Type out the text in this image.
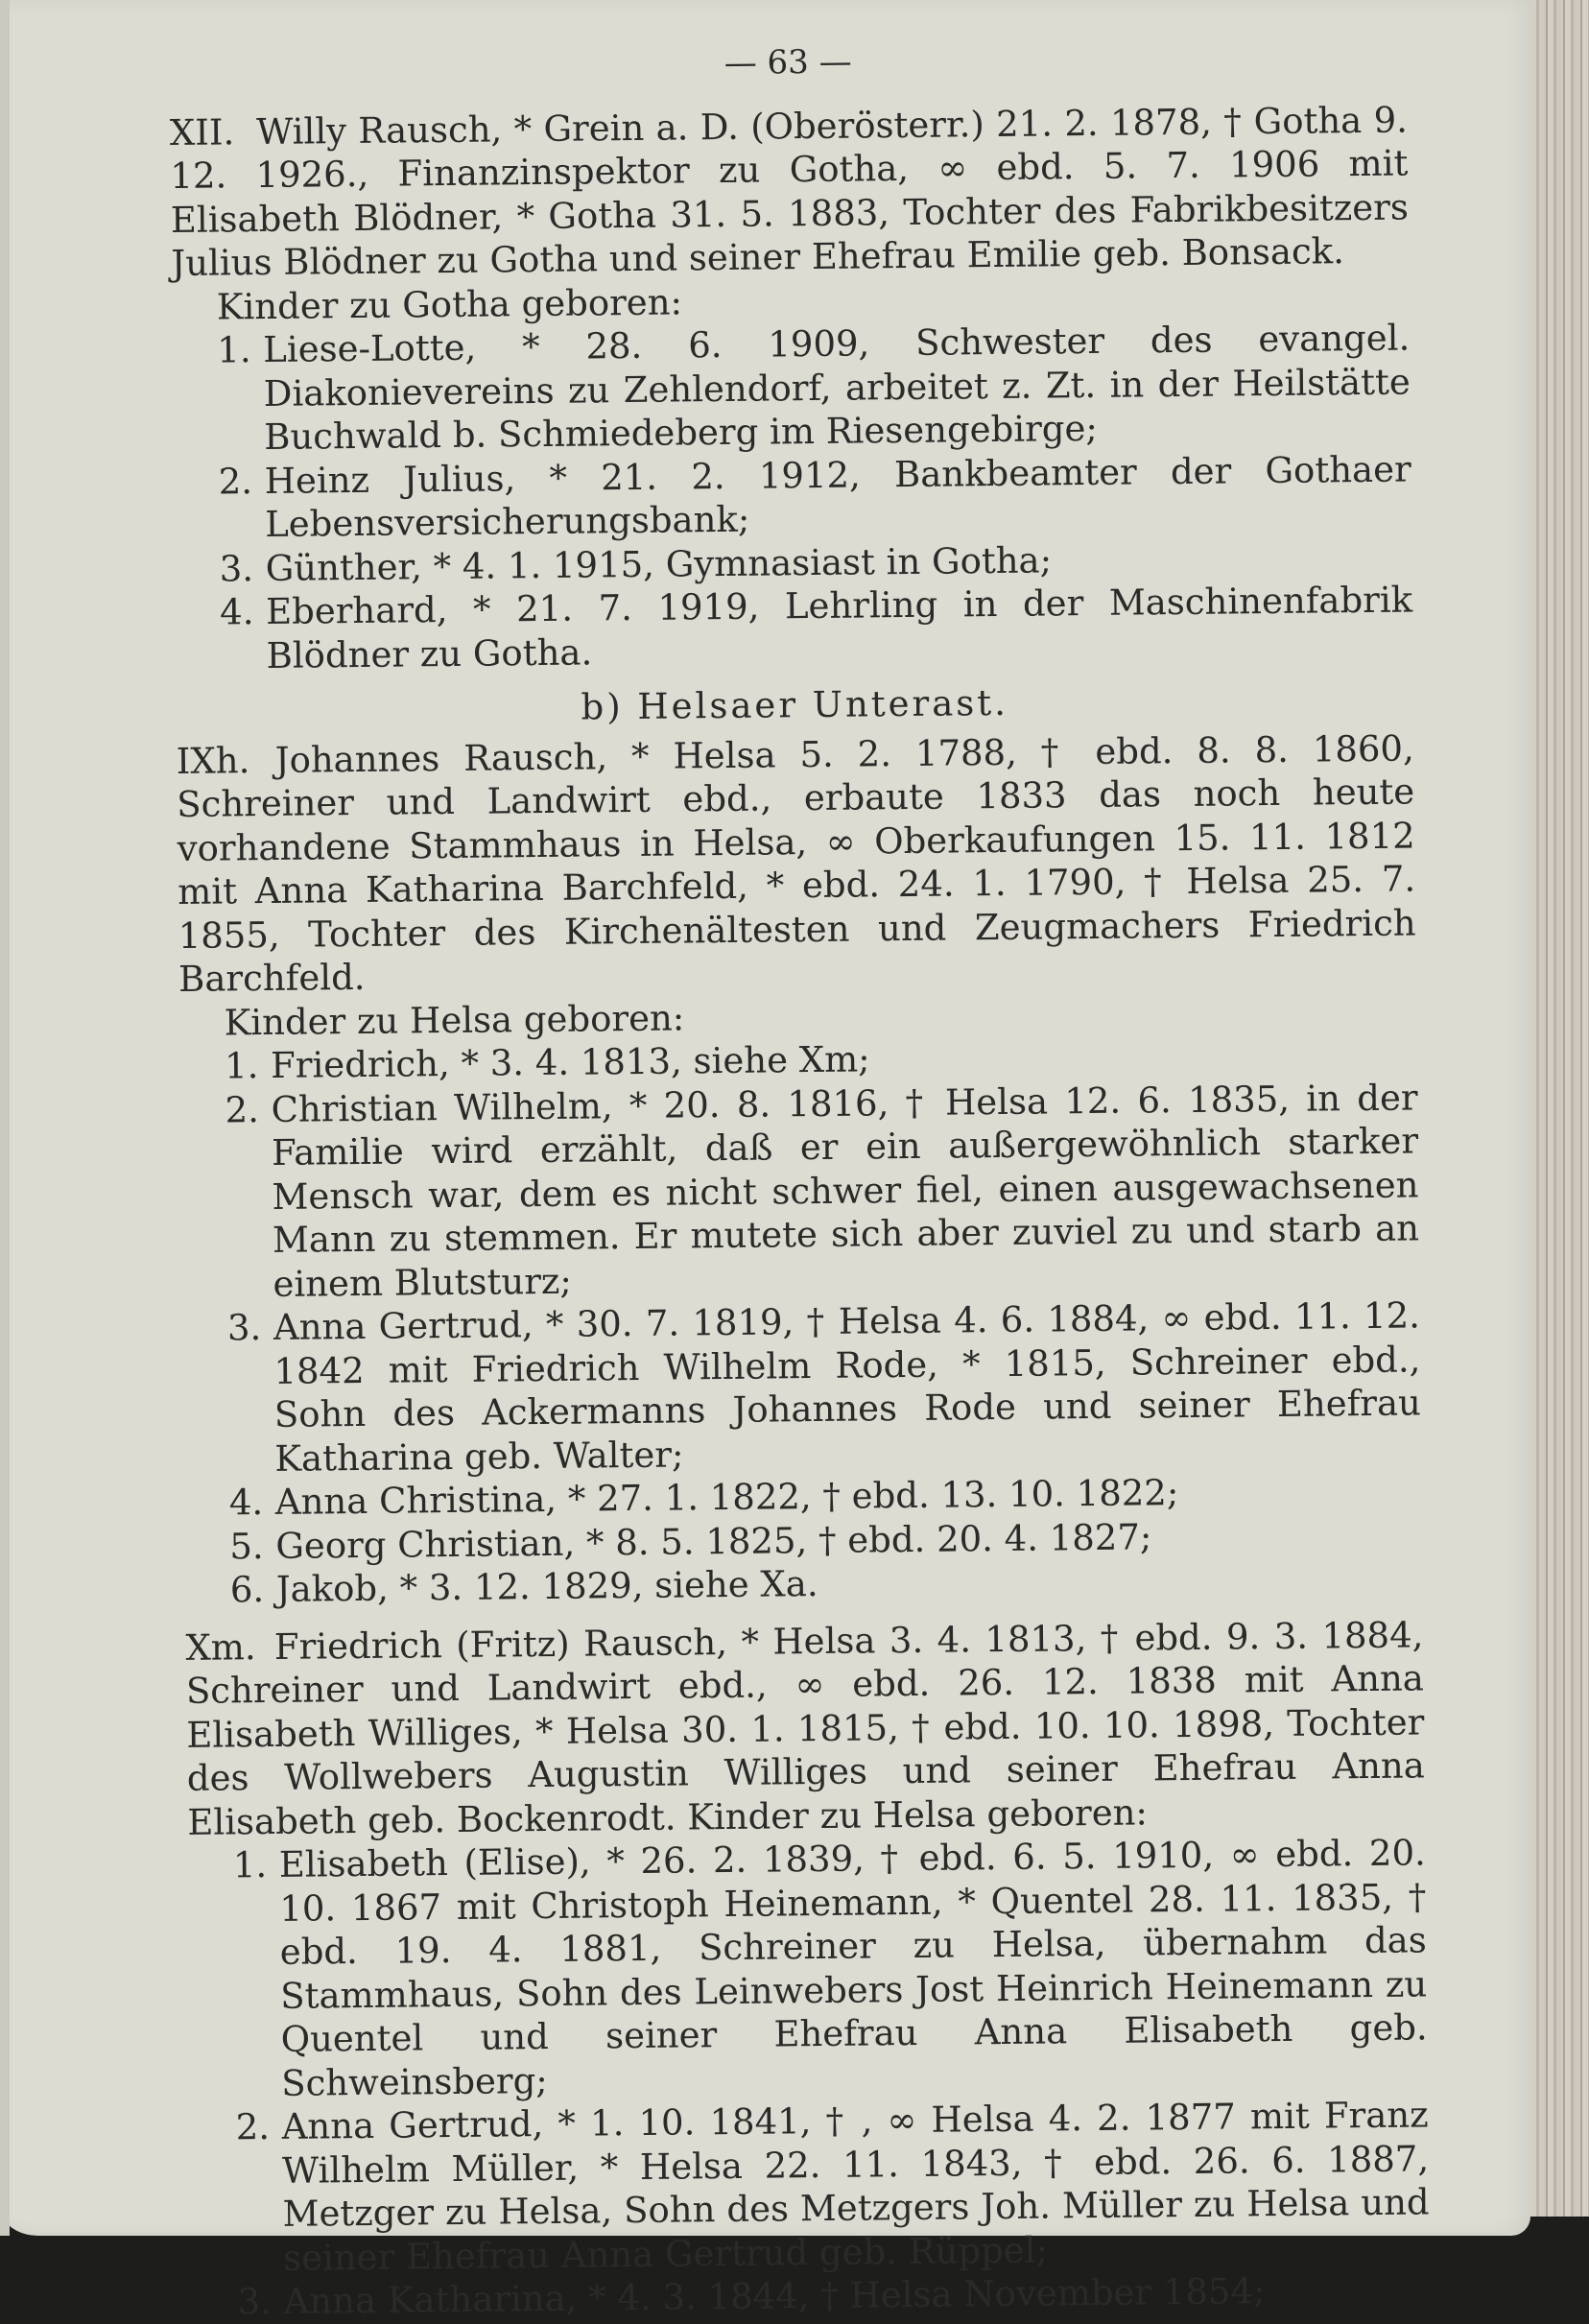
— 63 —

XII. Willy Rausch, * Grein a. D. (Oberösterr.) 21. 2. 1878, † Gotha 9. 12. 1926., Finanzinspektor zu Gotha, ∞ ebd. 5. 7. 1906 mit Elisabeth Blödner, * Gotha 31. 5. 1883, Tochter des Fabrikbesitzers Julius Blödner zu Gotha und seiner Ehefrau Emilie geb. Bonsack.

Kinder zu Gotha geboren:
1. Liese-Lotte, * 28. 6. 1909, Schwester des evangel. Diakonievereins zu Zehlendorf, arbeitet z. Zt. in der Heilstätte Buchwald b. Schmiedeberg im Riesengebirge;
2. Heinz Julius, * 21. 2. 1912, Bankbeamter der Gothaer Lebensversicherungsbank;
3. Günther, * 4. 1. 1915, Gymnasiast in Gotha;
4. Eberhard, * 21. 7. 1919, Lehrling in der Maschinenfabrik Blödner zu Gotha.
b) Helsaer Unterast.

IXh. Johannes Rausch, * Helsa 5. 2. 1788, † ebd. 8. 8. 1860, Schreiner und Landwirt ebd., erbaute 1833 das noch heute vorhandene Stammhaus in Helsa, ∞ Oberkaufungen 15. 11. 1812 mit Anna Katharina Barchfeld, * ebd. 24. 1. 1790, † Helsa 25. 7. 1855, Tochter des Kirchenältesten und Zeugmachers Friedrich Barchfeld.

Kinder zu Helsa geboren:
1. Friedrich, * 3. 4. 1813, siehe Xm;
2. Christian Wilhelm, * 20. 8. 1816, † Helsa 12. 6. 1835, in der Familie wird erzählt, daß er ein außergewöhnlich starker Mensch war, dem es nicht schwer fiel, einen ausgewachsenen Mann zu stemmen. Er mutete sich aber zuviel zu und starb an einem Blutsturz;
3. Anna Gertrud, * 30. 7. 1819, † Helsa 4. 6. 1884, ∞ ebd. 11. 12. 1842 mit Friedrich Wilhelm Rode, * 1815, Schreiner ebd., Sohn des Ackermanns Johannes Rode und seiner Ehefrau Katharina geb. Walter;
4. Anna Christina, * 27. 1. 1822, † ebd. 13. 10. 1822;
5. Georg Christian, * 8. 5. 1825, † ebd. 20. 4. 1827;
6. Jakob, * 3. 12. 1829, siehe Xa.

Xm. Friedrich (Fritz) Rausch, * Helsa 3. 4. 1813, † ebd. 9. 3. 1884, Schreiner und Landwirt ebd., ∞ ebd. 26. 12. 1838 mit Anna Elisabeth Williges, * Helsa 30. 1. 1815, † ebd. 10. 10. 1898, Tochter des Wollwebers Augustin Williges und seiner Ehefrau Anna Elisabeth geb. Bockenrodt. Kinder zu Helsa geboren:

1. Elisabeth (Elise), * 26. 2. 1839, † ebd. 6. 5. 1910, ∞ ebd. 20. 10. 1867 mit Christoph Heinemann, * Quentel 28. 11. 1835, † ebd. 19. 4. 1881, Schreiner zu Helsa, übernahm das Stammhaus, Sohn des Leinwebers Jost Heinrich Heinemann zu Quentel und seiner Ehefrau Anna Elisabeth geb. Schweinsberg;
2. Anna Gertrud, * 1. 10. 1841, † , ∞ Helsa 4. 2. 1877 mit Franz Wilhelm Müller, * Helsa 22. 11. 1843, † ebd. 26. 6. 1887, Metzger zu Helsa, Sohn des Metzgers Joh. Müller zu Helsa und seiner Ehefrau Anna Gertrud geb. Rüppel;
3. Anna Katharina, * 4. 3. 1844, † Helsa November 1854;
